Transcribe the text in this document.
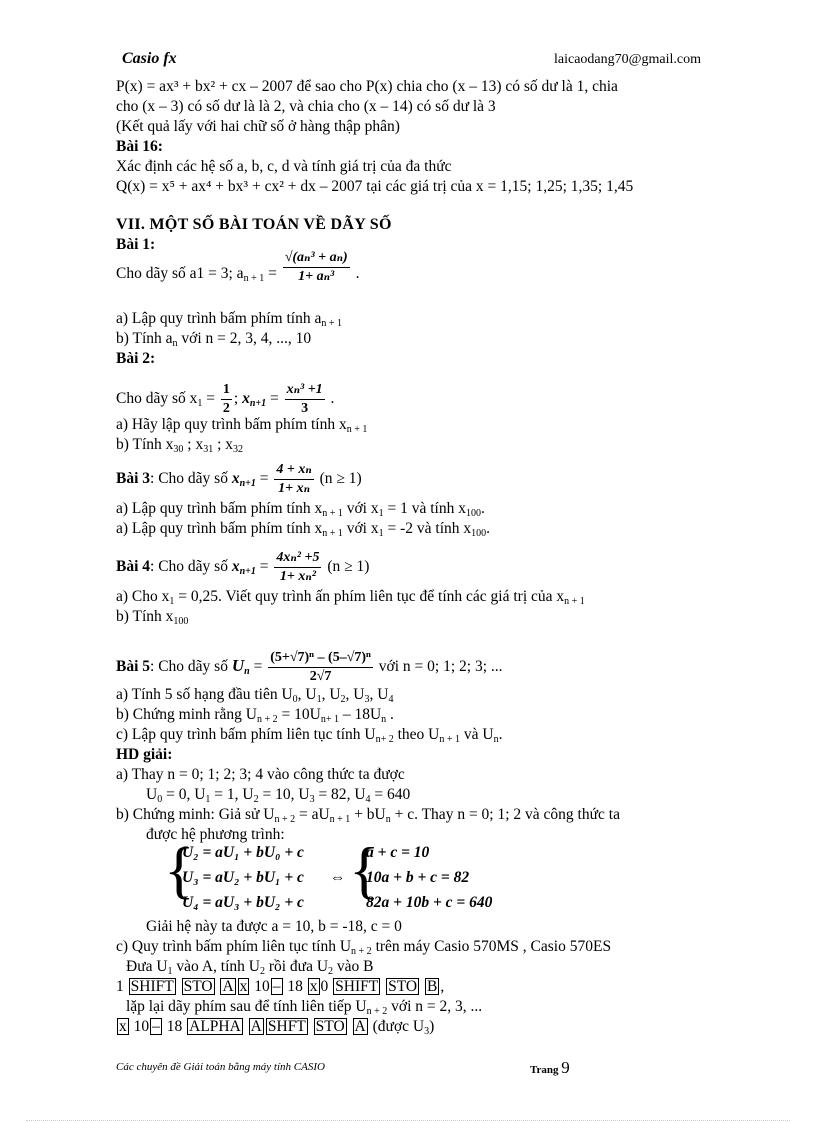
Casio fx	laicaodang70@gmail.com
P(x) = ax³ + bx² + cx – 2007 để sao cho P(x) chia cho (x – 13) có số dư là 1, chia
cho (x – 3) có số dư là là 2, và chia cho (x – 14) có số dư là 3
(Kết quả lấy với hai chữ số ở hàng thập phân)
Bài 16:
Xác định các hệ số a, b, c, d và tính giá trị của đa thức
Q(x) = x⁵ + ax⁴ + bx³ + cx² + dx – 2007 tại các giá trị của x = 1,15; 1,25; 1,35; 1,45
VII. MỘT SỐ BÀI TOÁN VỀ DÃY SỐ
Bài 1:
Cho dãy số a1 = 3; $a_{n + 1} = \frac{\text{√(aₙ³ + aₙ)}}{\text{1+ aₙ³}}$ .
a) Lập quy trình bấm phím tính $a_{n + 1}$
b) Tính $a_n$ với n = 2, 3, 4, ..., 10
Bài 2:
Cho dãy số $x_1 = \frac{1}{2}$ ; $x_{n+1} = \frac{\text{xₙ³ +1}}{3}$ .
a) Hãy lập quy trình bấm phím tính $x_{n + 1}$
b) Tính $x_{30}$ ; $x_{31}$ ; $x_{32}$
Bài 3: Cho dãy số $x_{n+1} = \frac{\text{4 + xₙ}}{\text{1+ xₙ}} (n \ge 1)$
a) Lập quy trình bấm phím tính $x_{n + 1}$ với $x_1 = 1$ và tính $x_{100}$.
a) Lập quy trình bấm phím tính $x_{n + 1}$ với $x_1 = -2$ và tính $x_{100}$.
Bài 4: Cho dãy số $x_{n+1} = \frac{\text{4xₙ² +5}}{\text{1+ xₙ²}} (n \ge 1)$
a) Cho $x_1 = 0,25$. Viết quy trình ấn phím liên tục để tính các giá trị của $x_{n + 1}$
b) Tính $x_{100}$
Bài 5: Cho dãy số $U_n = \frac{\text{(5+√7)ⁿ – (5–√7)ⁿ}}{2√7}$ với n = 0; 1; 2; 3; ...
a) Tính 5 số hạng đầu tiên $U_0$, $U_1$, $U_2$, $U_3$, $U_4$
b) Chứng minh rằng $U_{n + 2} = 10U_{n+ 1} - 18U_n$ .
c) Lập quy trình bấm phím liên tục tính $U_{n+ 2}$ theo $U_{n + 1}$ và $U_n$.
HD giải:
a) Thay n = 0; 1; 2; 3; 4 vào công thức ta được
$U_0 = 0$, $U_1 = 1$, $U_2 = 10$, $U_3 = 82$, $U_4 = 640$
b) Chứng minh: Giả sử $U_{n + 2} = aU_{n + 1} + bU_n + c$. Thay n = 0; 1; 2 và công thức ta
được hệ phương trình:
{
U₂ = aU₁ + bU₀ + c
U₃ = aU₂ + bU₁ + c
U₄ = aU₃ + bU₂ + c
⇔ {
a + c = 10
10a + b + c = 82
82a + 10b + c = 640
Giải hệ này ta được a = 10, b = -18, c = 0
c) Quy trình bấm phím liên tục tính $U_{n + 2}$ trên máy Casio 570MS , Casio 570ES
Đưa $U_1$ vào A, tính $U_2$ rồi đưa $U_2$ vào B
1 SHIFT STO A x 10 – 18 x 0 SHIFT STO B ,
lặp lại dãy phím sau để tính liên tiếp $U_{n + 2}$ với n = 2, 3, ...
x 10 – 18 ALPHA A SHFT STO A (được $U_3$)
Các chuyên đề Giải toán bằng máy tính CASIO	Trang 9
